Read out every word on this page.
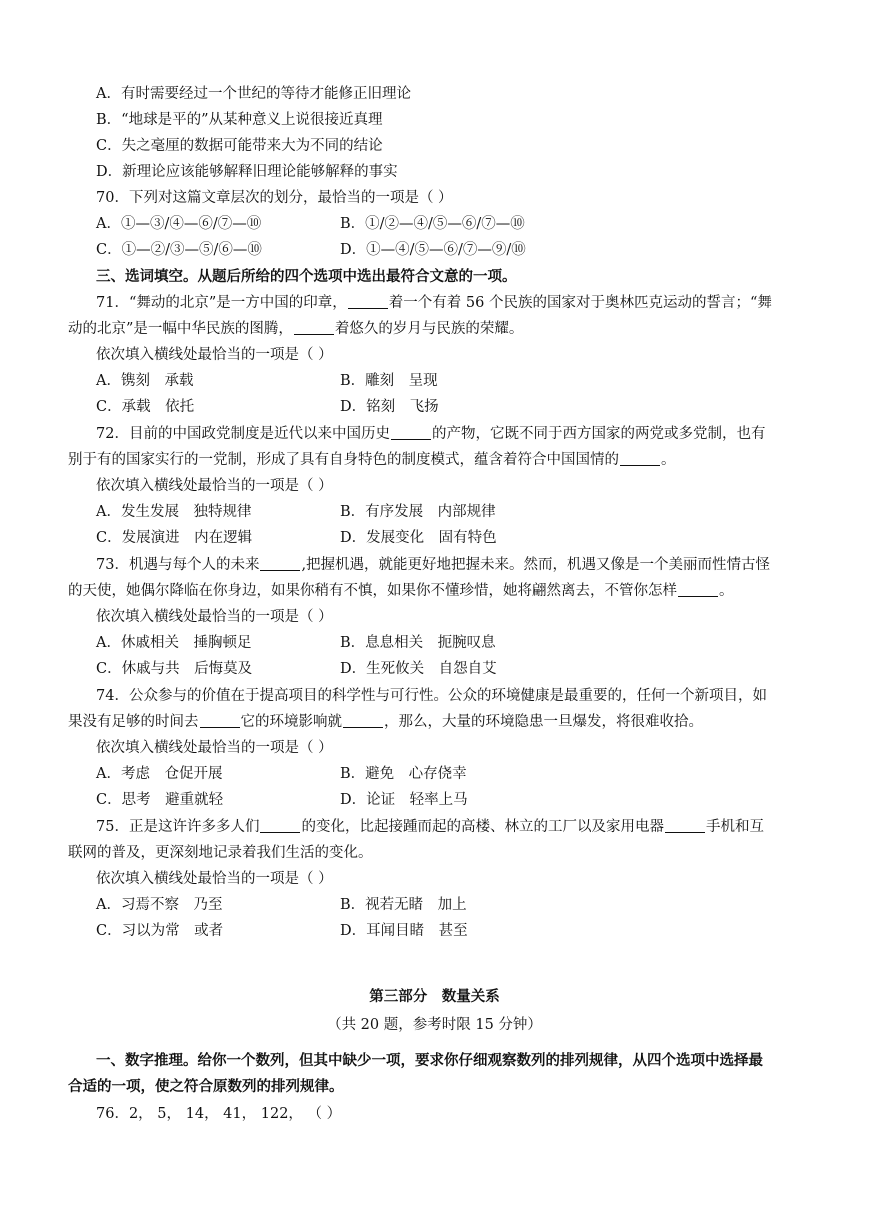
A．有时需要经过一个世纪的等待才能修正旧理论
B．“地球是平的”从某种意义上说很接近真理
C．失之毫厘的数据可能带来大为不同的结论
D．新理论应该能够解释旧理论能够解释的事实
70．下列对这篇文章层次的划分，最恰当的一项是（ ）
A．①—③/④—⑥/⑦—⑩	B．①/②—④/⑤—⑥/⑦—⑩
C．①—②/③—⑤/⑥—⑩	D．①—④/⑤—⑥/⑦—⑨/⑩
三、选词填空。从题后所给的四个选项中选出最符合文意的一项。
71．“舞动的北京”是一方中国的印章，	着一个有着 56 个民族的国家对于奥林匹克运动的誓言；“舞
动的北京”是一幅中华民族的图腾，	着悠久的岁月与民族的荣耀。
依次填入横线处最恰当的一项是（ ）
A．镌刻　承载	B．雕刻　呈现
C．承载　依托	D．铭刻　飞扬
72．目前的中国政党制度是近代以来中国历史	的产物，它既不同于西方国家的两党或多党制，也有
别于有的国家实行的一党制，形成了具有自身特色的制度模式，蕴含着符合中国国情的	。
依次填入横线处最恰当的一项是（ ）
A．发生发展　独特规律	B．有序发展　内部规律
C．发展演进　内在逻辑	D．发展变化　固有特色
73．机遇与每个人的未来	,把握机遇，就能更好地把握未来。然而，机遇又像是一个美丽而性情古怪
的天使，她偶尔降临在你身边，如果你稍有不慎，如果你不懂珍惜，她将翩然离去，不管你怎样	。
依次填入横线处最恰当的一项是（ ）
A．休戚相关　捶胸顿足	B．息息相关　扼腕叹息
C．休戚与共　后悔莫及	D．生死攸关　自怨自艾
74．公众参与的价值在于提高项目的科学性与可行性。公众的环境健康是最重要的，任何一个新项目，如
果没有足够的时间去	它的环境影响就	，那么，大量的环境隐患一旦爆发，将很难收拾。
依次填入横线处最恰当的一项是（ ）
A．考虑　仓促开展	B．避免　心存侥幸
C．思考　避重就轻	D．论证　轻率上马
75．正是这许许多多人们	的变化，比起接踵而起的高楼、林立的工厂以及家用电器	手机和互
联网的普及，更深刻地记录着我们生活的变化。
依次填入横线处最恰当的一项是（ ）
A．习焉不察　乃至	B．视若无睹　加上
C．习以为常　或者	D．耳闻目睹　甚至
第三部分　数量关系
（共 20 题，参考时限 15 分钟）
一、数字推理。给你一个数列，但其中缺少一项，要求你仔细观察数列的排列规律，从四个选项中选择最
合适的一项，使之符合原数列的排列规律。
76．2， 5， 14， 41， 122， （ ）
